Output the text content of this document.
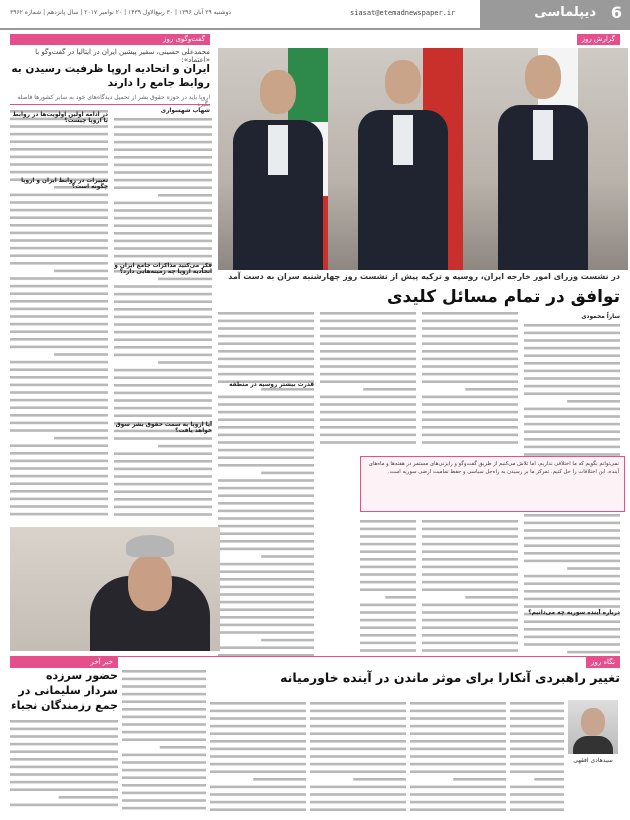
دیپلماسی 6
siasat@etemadnewspaper.ir
دوشنبه ۲۹ آبان ۱۳۹۶ | ۳۰ ربیع‌الاول ۱۴۳۹ | ۲۰ نوامبر ۲۰۱۷ | سال پانزدهم | شماره ۳۹۶۲
گزارش روز
گفت‌وگوی روز
محمدعلی حسینی، سفیر پیشین ایران در ایتالیا در گفت‌وگو با «اعتماد»:
ایران و اتحادیه اروپا ظرفیت رسیدن به روابط جامع را دارند
اروپا باید در حوزه حقوق بشر از تحمیل دیدگاه‌های خود به سایر کشورها فاصله
شهاب شهسواری
در ادامه اولین اولویت‌ها در روابط با اروپا چیست؟
تغییرات در روابط ایران و اروپا چگونه است؟
فکر می‌کنید مذاکرات جامع ایران و اتحادیه اروپا چه زمینه‌هایی دارد؟
آیا اروپا به سمت حقوق بشر سوق خواهد یافت؟
در نشست وزرای امور خارجه ایران، روسیه و ترکیه پیش از نشست روز چهارشنبه سران به دست آمد
توافق در تمام مسائل کلیدی
ساراً محمودی
نمی‌توانم بگویم که ما اختلافی نداریم، اما تلاش می‌کنیم از طریق گفت‌وگو و رایزنی‌های مستمر در هفته‌ها و ماه‌های آینده، این اختلافات را حل کنیم. تمرکز ما بر رسیدن به راه‌حل سیاسی و حفظ تمامیت ارضی سوریه است.
قدرت بیشتر روسیه در منطقه
درباره آینده سوریه چه می‌دانیم؟
نگاه روز
خبر آخر
تغییر راهبردی آنکارا برای موثر ماندن در آینده خاورمیانه
حضور سرزده سردار سلیمانی در جمع رزمندگان نجباء
سیدهادی افقهی
